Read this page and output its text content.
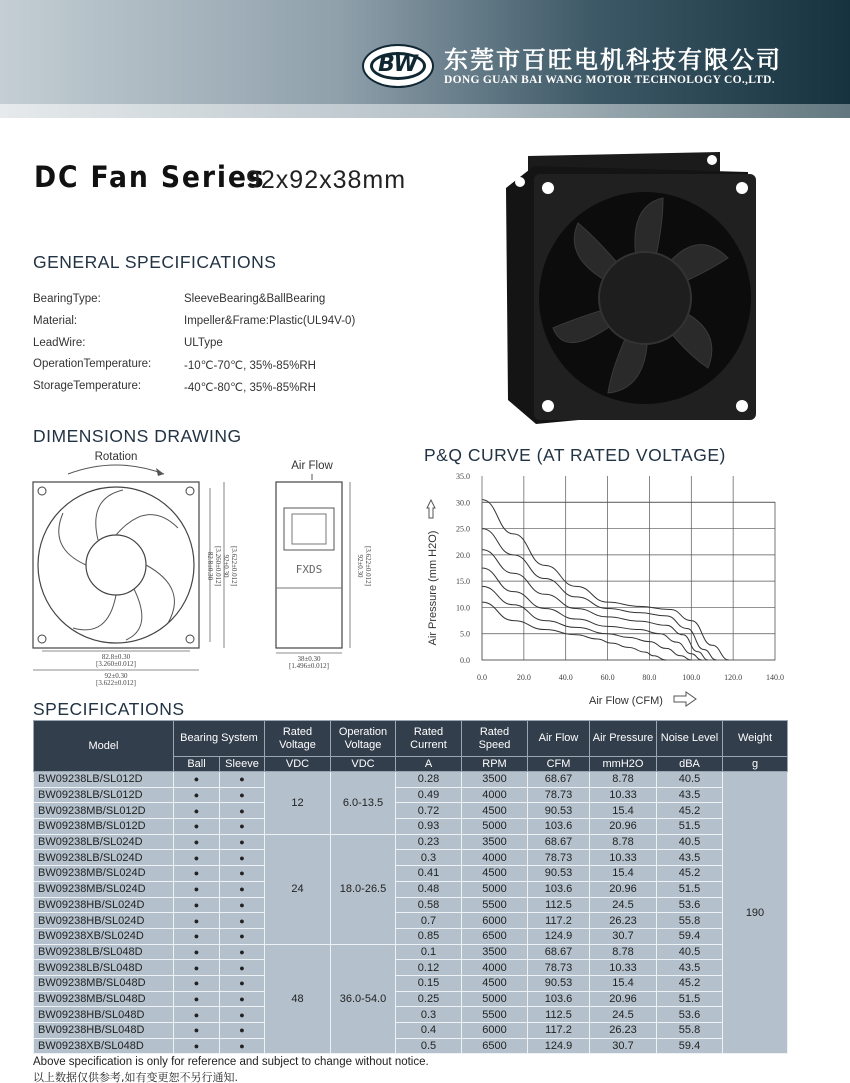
BW	东莞市百旺电机科技有限公司
DONG GUAN BAI WANG MOTOR TECHNOLOGY CO.,LTD.
DC Fan Series
92x92x38mm
GENERAL SPECIFICATIONS
BearingType:	SleeveBearing&BallBearing
Material:	Impeller&Frame:Plastic(UL94V-0)
LeadWire:	ULType
OperationTemperature:	-10℃-70℃, 35%-85%RH
StorageTemperature:	-40℃-80℃, 35%-85%RH
DIMENSIONS DRAWING
Rotation
82.8±0.30 [3.260±0.012] 92±0.30 [3.622±0.012]
82.8±0.30
[3.260±0.012]
92±0.30
[3.622±0.012]
Air Flow
FXDS	92±0.30 [3.622±0.012]
38±0.30
[1.496±0.012]
P&Q CURVE (AT RATED VOLTAGE)
0.0	20.0	40.0	60.0	80.0	100.0	120.0	140.0
0.0
5.0
10.0
15.0
20.0
25.0
30.0
35.0
Air Pressure (mm H2O)
Air Flow (CFM)
SPECIFICATIONS
Model	Bearing System		Rated Voltage	Operation Voltage	Rated Current	Rated Speed	Air Flow	Air Pressure	Noise Level	Weight
	Ball	Sleeve	VDC	VDC	A	RPM	CFM	mmH2O	dBA	g
BW09238LB/SL012D	●	●	12	6.0-13.5	0.28	3500	68.67	8.78	40.5	190
BW09238LB/SL012D	●	●			0.49	4000	78.73	10.33	43.5	
BW09238MB/SL012D	●	●			0.72	4500	90.53	15.4	45.2	
BW09238MB/SL012D	●	●			0.93	5000	103.6	20.96	51.5	
BW09238LB/SL024D	●	●	24	18.0-26.5	0.23	3500	68.67	8.78	40.5	
BW09238LB/SL024D	●	●			0.3	4000	78.73	10.33	43.5	
BW09238MB/SL024D	●	●			0.41	4500	90.53	15.4	45.2	
BW09238MB/SL024D	●	●			0.48	5000	103.6	20.96	51.5	
BW09238HB/SL024D	●	●			0.58	5500	112.5	24.5	53.6	
BW09238HB/SL024D	●	●			0.7	6000	117.2	26.23	55.8	
BW09238XB/SL024D	●	●			0.85	6500	124.9	30.7	59.4	
BW09238LB/SL048D	●	●	48	36.0-54.0	0.1	3500	68.67	8.78	40.5	
BW09238LB/SL048D	●	●			0.12	4000	78.73	10.33	43.5	
BW09238MB/SL048D	●	●			0.15	4500	90.53	15.4	45.2	
BW09238MB/SL048D	●	●			0.25	5000	103.6	20.96	51.5	
BW09238HB/SL048D	●	●			0.3	5500	112.5	24.5	53.6	
BW09238HB/SL048D	●	●			0.4	6000	117.2	26.23	55.8	
BW09238XB/SL048D	●	●			0.5	6500	124.9	30.7	59.4	
Above specification is only for reference and subject to change without notice.
以上数据仅供参考,如有变更恕不另行通知.
